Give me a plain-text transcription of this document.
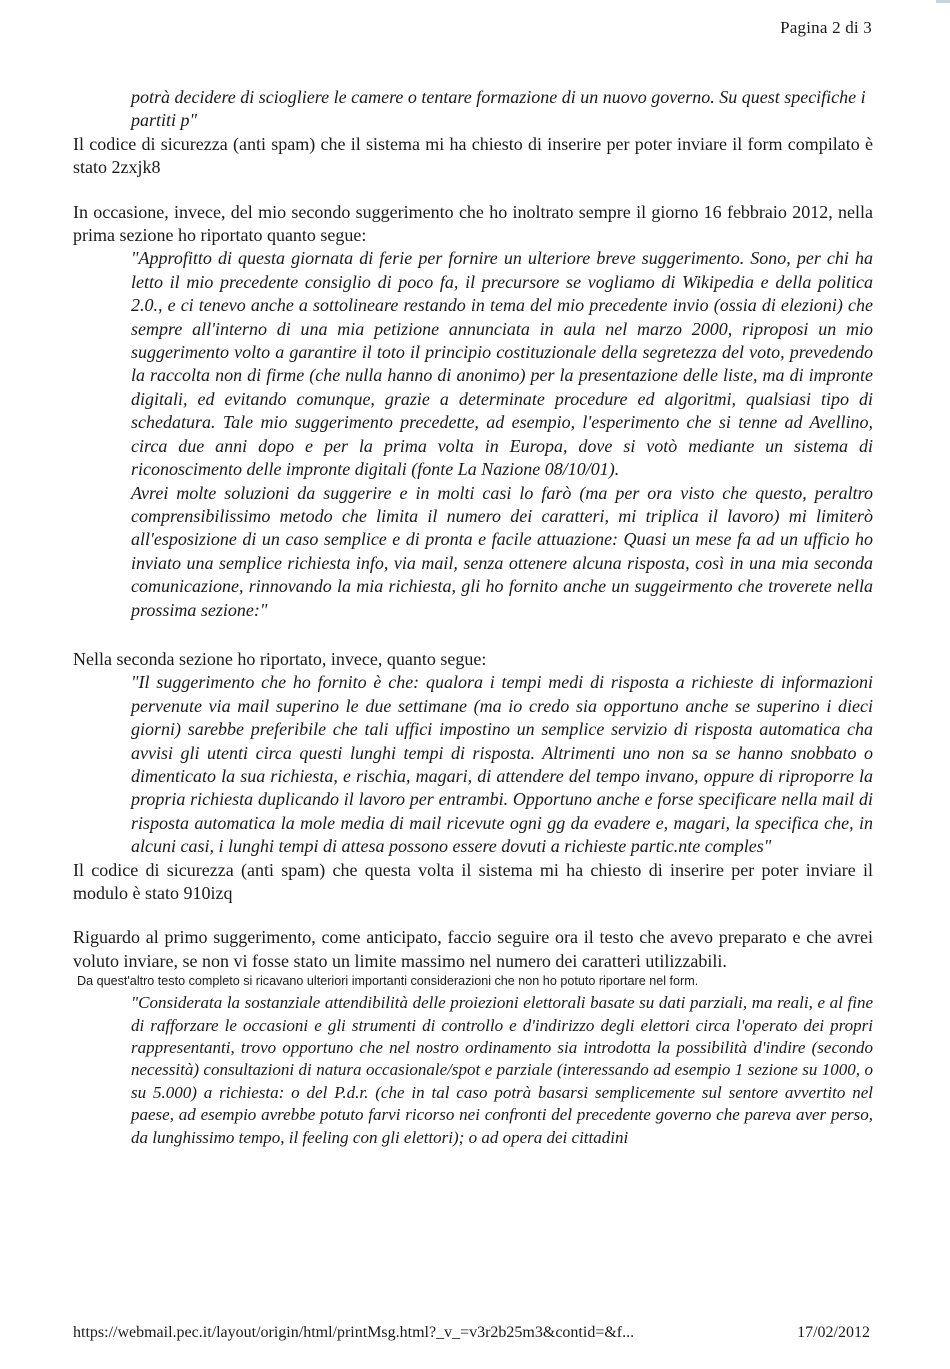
Pagina 2 di 3

potrà decidere di sciogliere le camere o tentare formazione di un nuovo governo. Su quest specifiche i partiti p"

Il codice di sicurezza (anti spam) che il sistema mi ha chiesto di inserire per poter inviare il form compilato è stato 2zxjk8

In occasione, invece, del mio secondo suggerimento che ho inoltrato sempre il giorno 16 febbraio 2012, nella prima sezione ho riportato quanto segue:

"Approfitto di questa giornata di ferie per fornire un ulteriore breve suggerimento. Sono, per chi ha letto il mio precedente consiglio di poco fa, il precursore se vogliamo di Wikipedia e della politica 2.0., e ci tenevo anche a sottolineare restando in tema del mio precedente invio (ossia di elezioni) che sempre all'interno di una mia petizione annunciata in aula nel marzo 2000, riproposi un mio suggerimento volto a garantire il toto il principio costituzionale della segretezza del voto, prevedendo la raccolta non di firme (che nulla hanno di anonimo) per la presentazione delle liste, ma di impronte digitali, ed evitando comunque, grazie a determinate procedure ed algoritmi, qualsiasi tipo di schedatura. Tale mio suggerimento precedette, ad esempio, l'esperimento che si tenne ad Avellino, circa due anni dopo e per la prima volta in Europa, dove si votò mediante un sistema di riconoscimento delle impronte digitali (fonte La Nazione 08/10/01).

Avrei molte soluzioni da suggerire e in molti casi lo farò (ma per ora visto che questo, peraltro comprensibilissimo metodo che limita il numero dei caratteri, mi triplica il lavoro) mi limiterò all'esposizione di un caso semplice e di pronta e facile attuazione: Quasi un mese fa ad un ufficio ho inviato una semplice richiesta info, via mail, senza ottenere alcuna risposta, così in una mia seconda comunicazione, rinnovando la mia richiesta, gli ho fornito anche un suggeirmento che troverete nella prossima sezione:"

Nella seconda sezione ho riportato, invece, quanto segue:

"Il suggerimento che ho fornito è che: qualora i tempi medi di risposta a richieste di informazioni pervenute via mail superino le due settimane (ma io credo sia opportuno anche se superino i dieci giorni) sarebbe preferibile che tali uffici impostino un semplice servizio di risposta automatica cha avvisi gli utenti circa questi lunghi tempi di risposta. Altrimenti uno non sa se hanno snobbato o dimenticato la sua richiesta, e rischia, magari, di attendere del tempo invano, oppure di riproporre la propria richiesta duplicando il lavoro per entrambi. Opportuno anche e forse specificare nella mail di risposta automatica la mole media di mail ricevute ogni gg da evadere e, magari, la specifica che, in alcuni casi, i lunghi tempi di attesa possono essere dovuti a richieste partic.nte comples"

Il codice di sicurezza (anti spam) che questa volta il sistema mi ha chiesto di inserire per poter inviare il modulo è stato 910izq

Riguardo al primo suggerimento, come anticipato, faccio seguire ora il testo che avevo preparato e che avrei voluto inviare, se non vi fosse stato un limite massimo nel numero dei caratteri utilizzabili.

Da quest'altro testo completo si ricavano ulteriori importanti considerazioni che non ho potuto riportare nel form.

"Considerata la sostanziale attendibilità delle proiezioni elettorali basate su dati parziali, ma reali, e al fine di rafforzare le occasioni e gli strumenti di controllo e d'indirizzo degli elettori circa l'operato dei propri rappresentanti, trovo opportuno che nel nostro ordinamento sia introdotta la possibilità d'indire (secondo necessità) consultazioni di natura occasionale/spot e parziale (interessando ad esempio 1 sezione su 1000, o su 5.000) a richiesta: o del P.d.r. (che in tal caso potrà basarsi semplicemente sul sentore avvertito nel paese, ad esempio avrebbe potuto farvi ricorso nei confronti del precedente governo che pareva aver perso, da lunghissimo tempo, il feeling con gli elettori); o ad opera dei cittadini

https://webmail.pec.it/layout/origin/html/printMsg.html?_v_=v3r2b25m3&contid=&f...	17/02/2012
